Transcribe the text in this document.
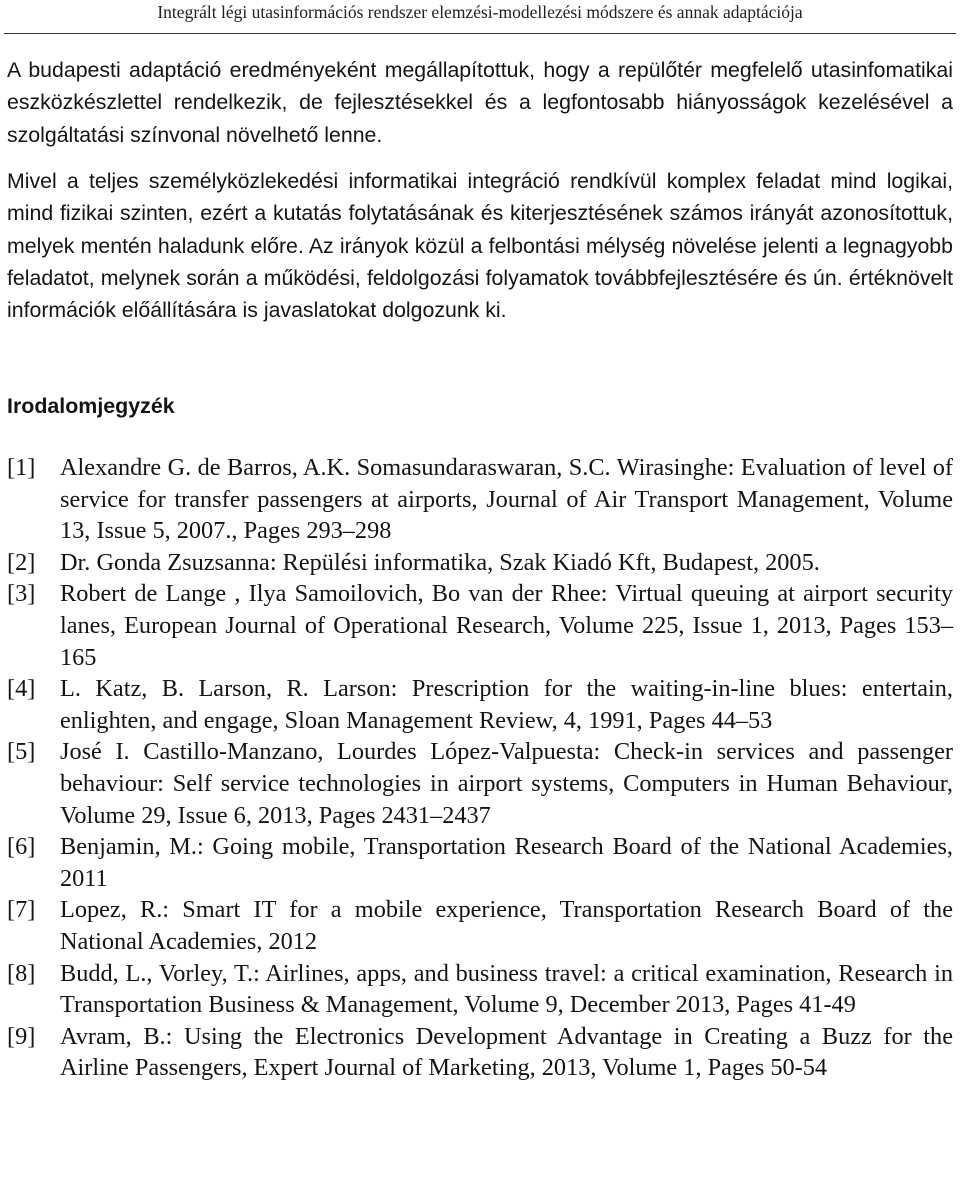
Integrált légi utasinformációs rendszer elemzési-modellezési módszere és annak adaptációja

A budapesti adaptáció eredményeként megállapítottuk, hogy a repülőtér megfelelő utasinfomatikai eszközkészlettel rendelkezik, de fejlesztésekkel és a legfontosabb hiányosságok kezelésével a szolgáltatási színvonal növelhető lenne.

Mivel a teljes személyközlekedési informatikai integráció rendkívül komplex feladat mind logikai, mind fizikai szinten, ezért a kutatás folytatásának és kiterjesztésének számos irányát azonosítottuk, melyek mentén haladunk előre. Az irányok közül a felbontási mélység növelése jelenti a legnagyobb feladatot, melynek során a működési, feldolgozási folyamatok továbbfejlesztésére és ún. értéknövelt információk előállítására is javaslatokat dolgozunk ki.

Irodalomjegyzék
[1]	Alexandre G. de Barros, A.K. Somasundaraswaran, S.C. Wirasinghe: Evaluation of level of service for transfer passengers at airports, Journal of Air Transport Management, Volume 13, Issue 5, 2007., Pages 293–298
[2]	Dr. Gonda Zsuzsanna: Repülési informatika, Szak Kiadó Kft, Budapest, 2005.
[3]	Robert de Lange , Ilya Samoilovich, Bo van der Rhee: Virtual queuing at airport security lanes, European Journal of Operational Research, Volume 225, Issue 1, 2013, Pages 153–165
[4]	L. Katz, B. Larson, R. Larson: Prescription for the waiting-in-line blues: entertain, enlighten, and engage, Sloan Management Review, 4, 1991, Pages 44–53
[5]	José I. Castillo-Manzano, Lourdes López-Valpuesta: Check-in services and passenger behaviour: Self service technologies in airport systems, Computers in Human Behaviour, Volume 29, Issue 6, 2013, Pages 2431–2437
[6]	Benjamin, M.: Going mobile, Transportation Research Board of the National Academies, 2011
[7]	Lopez, R.: Smart IT for a mobile experience, Transportation Research Board of the National Academies, 2012
[8]	Budd, L., Vorley, T.: Airlines, apps, and business travel: a critical examination, Research in Transportation Business & Management, Volume 9, December 2013, Pages 41-49
[9]	Avram, B.: Using the Electronics Development Advantage in Creating a Buzz for the Airline Passengers, Expert Journal of Marketing, 2013, Volume 1, Pages 50-54
